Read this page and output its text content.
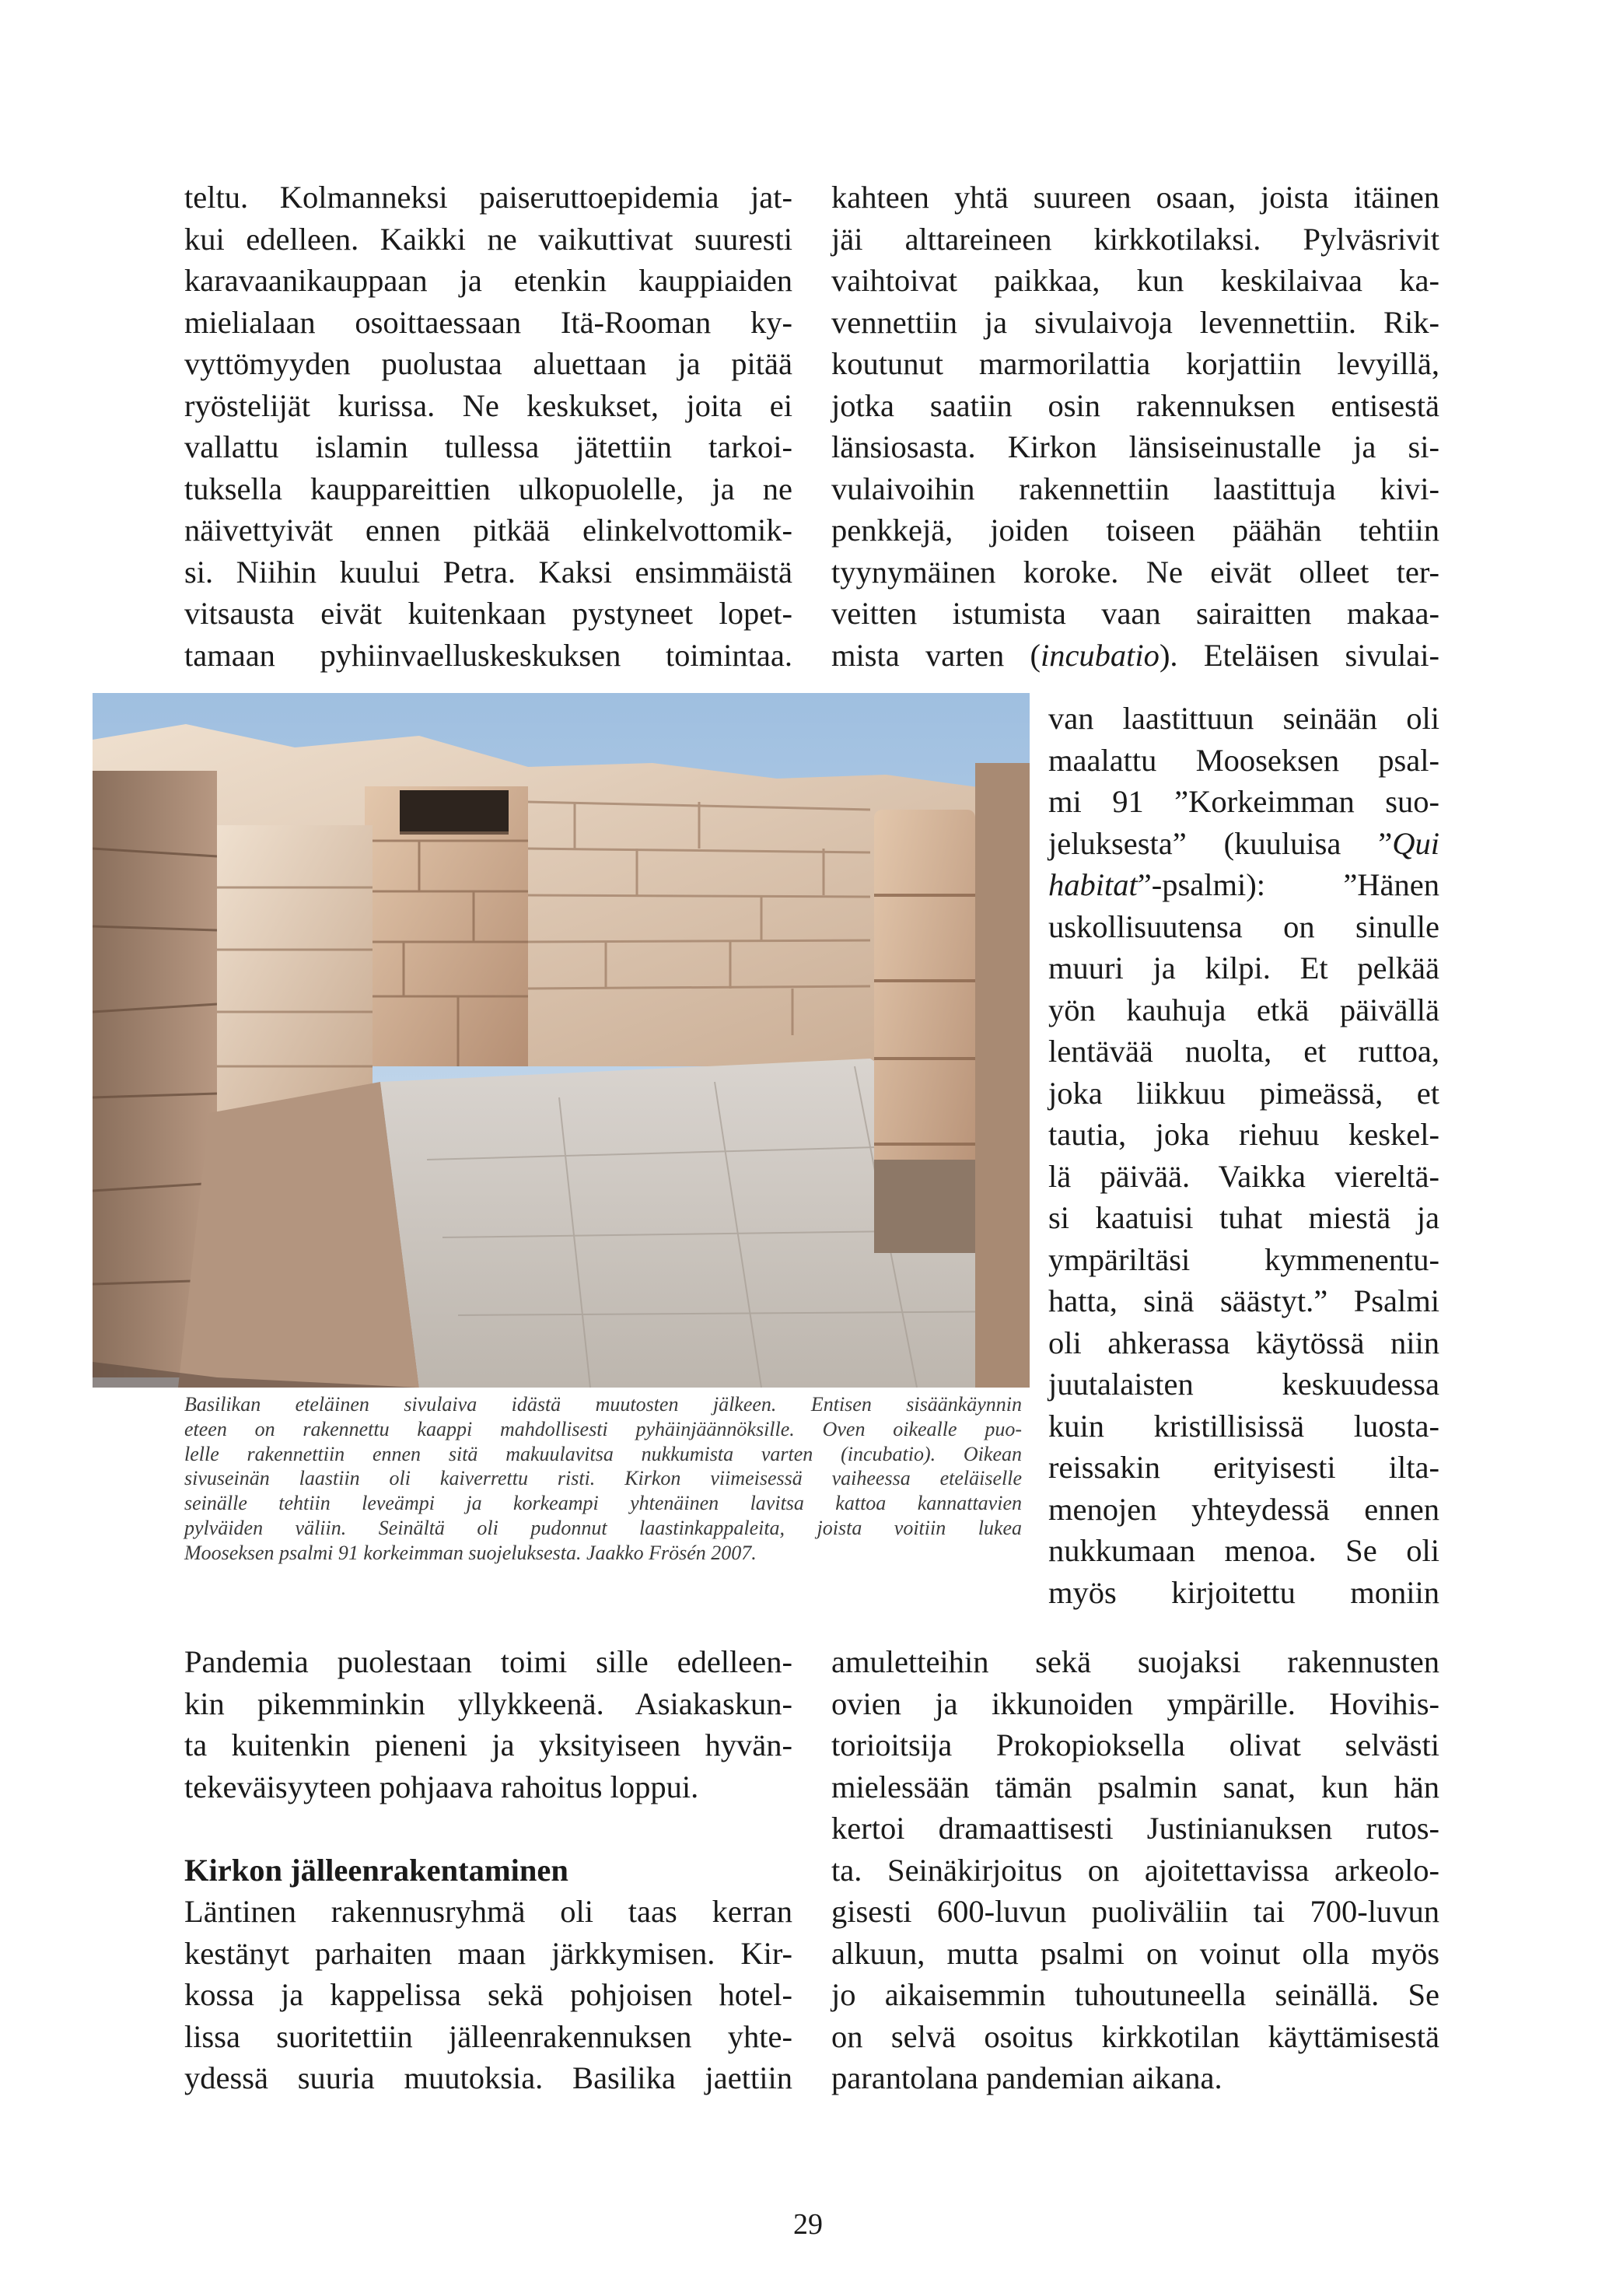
teltu. Kolmanneksi paiseruttoepidemia jat-
kui edelleen. Kaikki ne vaikuttivat suuresti
karavaanikauppaan ja etenkin kauppiaiden
mielialaan osoittaessaan Itä-Rooman ky-
vyttömyyden puolustaa aluettaan ja pitää
ryöstelijät kurissa. Ne keskukset, joita ei
vallattu islamin tullessa jätettiin tarkoi-
tuksella kauppareittien ulkopuolelle, ja ne
näivettyivät ennen pitkää elinkelvottomik-
si. Niihin kuului Petra. Kaksi ensimmäistä
vitsausta eivät kuitenkaan pystyneet lopet-
tamaan pyhiinvaelluskeskuksen toimintaa.
kahteen yhtä suureen osaan, joista itäinen
jäi alttareineen kirkkotilaksi. Pylväsrivit
vaihtoivat paikkaa, kun keskilaivaa ka-
vennettiin ja sivulaivoja levennettiin. Rik-
koutunut marmorilattia korjattiin levyillä,
jotka saatiin osin rakennuksen entisestä
länsiosasta. Kirkon länsiseinustalle ja si-
vulaivoihin rakennettiin laastittuja kivi-
penkkejä, joiden toiseen päähän tehtiin
tyynymäinen koroke. Ne eivät olleet ter-
veitten istumista vaan sairaitten makaa-
mista varten (incubatio). Eteläisen sivulai-
van laastittuun seinään oli
maalattu Mooseksen psal-
mi 91 ”Korkeimman suo-
jeluksesta” (kuuluisa ”Qui
habitat”-psalmi): ”Hänen
uskollisuutensa on sinulle
muuri ja kilpi. Et pelkää
yön kauhuja etkä päivällä
lentävää nuolta, et ruttoa,
joka liikkuu pimeässä, et
tautia, joka riehuu keskel-
lä päivää. Vaikka viereltä-
si kaatuisi tuhat miestä ja
ympäriltäsi kymmenentu-
hatta, sinä säästyt.” Psalmi
oli ahkerassa käytössä niin
juutalaisten keskuudessa
kuin kristillisissä luosta-
reissakin erityisesti ilta-
menojen yhteydessä ennen
nukkumaan menoa. Se oli
myös kirjoitettu moniin
Basilikan eteläinen sivulaiva idästä muutosten jälkeen. Entisen sisäänkäynnin
eteen on rakennettu kaappi mahdollisesti pyhäinjäännöksille. Oven oikealle puo-
lelle rakennettiin ennen sitä makuulavitsa nukkumista varten (incubatio). Oikean
sivuseinän laastiin oli kaiverrettu risti. Kirkon viimeisessä vaiheessa eteläiselle
seinälle tehtiin leveämpi ja korkeampi yhtenäinen lavitsa kattoa kannattavien
pylväiden väliin. Seinältä oli pudonnut laastinkappaleita, joista voitiin lukea
Mooseksen psalmi 91 korkeimman suojeluksesta. Jaakko Frösén 2007.
Pandemia puolestaan toimi sille edelleen-
kin pikemminkin yllykkeenä. Asiakaskun-
ta kuitenkin pieneni ja yksityiseen hyvän-
tekeväisyyteen pohjaava rahoitus loppui.
Kirkon jälleenrakentaminen
Läntinen rakennusryhmä oli taas kerran
kestänyt parhaiten maan järkkymisen. Kir-
kossa ja kappelissa sekä pohjoisen hotel-
lissa suoritettiin jälleenrakennuksen yhte-
ydessä suuria muutoksia. Basilika jaettiin
amuletteihin sekä suojaksi rakennusten
ovien ja ikkunoiden ympärille. Hovihis-
torioitsija Prokopioksella olivat selvästi
mielessään tämän psalmin sanat, kun hän
kertoi dramaattisesti Justinianuksen rutos-
ta. Seinäkirjoitus on ajoitettavissa arkeolo-
gisesti 600-luvun puoliväliin tai 700-luvun
alkuun, mutta psalmi on voinut olla myös
jo aikaisemmin tuhoutuneella seinällä. Se
on selvä osoitus kirkkotilan käyttämisestä
parantolana pandemian aikana.
29
